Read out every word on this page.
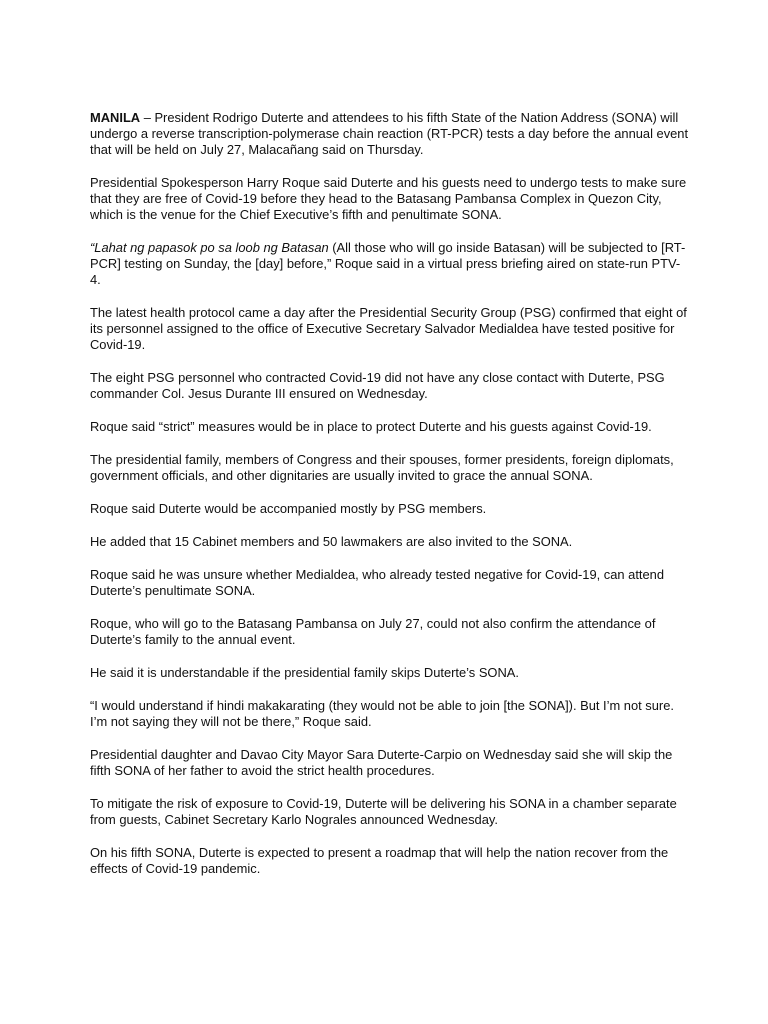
MANILA – President Rodrigo Duterte and attendees to his fifth State of the Nation Address (SONA) will undergo a reverse transcription-polymerase chain reaction (RT-PCR) tests a day before the annual event that will be held on July 27, Malacañang said on Thursday.

Presidential Spokesperson Harry Roque said Duterte and his guests need to undergo tests to make sure that they are free of Covid-19 before they head to the Batasang Pambansa Complex in Quezon City, which is the venue for the Chief Executive’s fifth and penultimate SONA.

“Lahat ng papasok po sa loob ng Batasan (All those who will go inside Batasan) will be subjected to [RT-PCR] testing on Sunday, the [day] before,” Roque said in a virtual press briefing aired on state-run PTV-4.

The latest health protocol came a day after the Presidential Security Group (PSG) confirmed that eight of its personnel assigned to the office of Executive Secretary Salvador Medialdea have tested positive for Covid-19.

The eight PSG personnel who contracted Covid-19 did not have any close contact with Duterte, PSG commander Col. Jesus Durante III ensured on Wednesday.

Roque said “strict” measures would be in place to protect Duterte and his guests against Covid-19.

The presidential family, members of Congress and their spouses, former presidents, foreign diplomats, government officials, and other dignitaries are usually invited to grace the annual SONA.

Roque said Duterte would be accompanied mostly by PSG members.

He added that 15 Cabinet members and 50 lawmakers are also invited to the SONA.

Roque said he was unsure whether Medialdea, who already tested negative for Covid-19, can attend Duterte’s penultimate SONA.

Roque, who will go to the Batasang Pambansa on July 27, could not also confirm the attendance of Duterte’s family to the annual event.

He said it is understandable if the presidential family skips Duterte’s SONA.

“I would understand if hindi makakarating (they would not be able to join [the SONA]). But I’m not sure. I’m not saying they will not be there,” Roque said.

Presidential daughter and Davao City Mayor Sara Duterte-Carpio on Wednesday said she will skip the fifth SONA of her father to avoid the strict health procedures.

To mitigate the risk of exposure to Covid-19, Duterte will be delivering his SONA in a chamber separate from guests, Cabinet Secretary Karlo Nograles announced Wednesday.

On his fifth SONA, Duterte is expected to present a roadmap that will help the nation recover from the effects of Covid-19 pandemic.
